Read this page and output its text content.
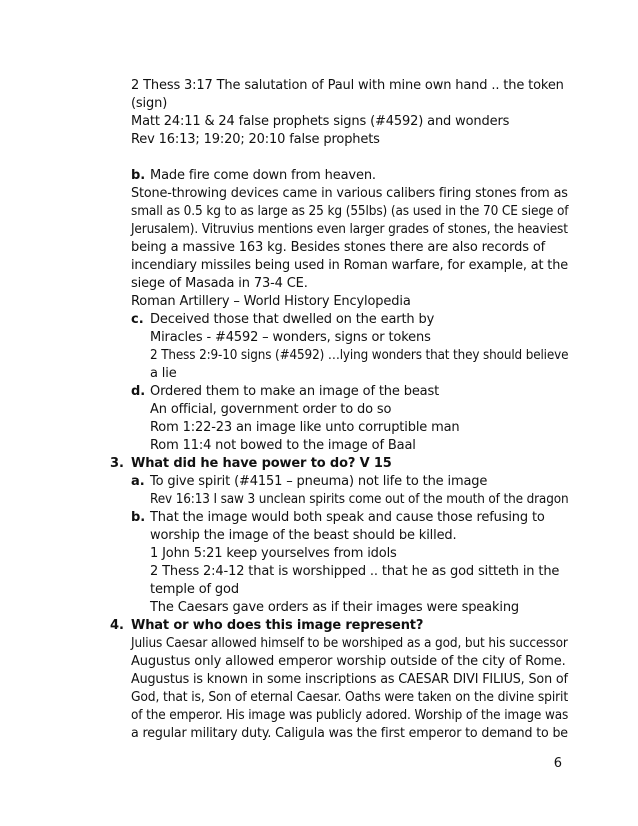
2 Thess 3:17 The salutation of Paul with mine own hand .. the token
(sign)
Matt 24:11 & 24 false prophets signs (#4592) and wonders
Rev 16:13; 19:20; 20:10 false prophets
b. Made fire come down from heaven.
Stone-throwing devices came in various calibers firing stones from as
small as 0.5 kg to as large as 25 kg (55lbs) (as used in the 70 CE siege of
Jerusalem). Vitruvius mentions even larger grades of stones, the heaviest
being a massive 163 kg. Besides stones there are also records of
incendiary missiles being used in Roman warfare, for example, at the
siege of Masada in 73-4 CE.
Roman Artillery – World History Encylopedia
c. Deceived those that dwelled on the earth by
Miracles - #4592 – wonders, signs or tokens
2 Thess 2:9-10 signs (#4592) …lying wonders that they should believe
a lie
d. Ordered them to make an image of the beast
An official, government order to do so
Rom 1:22-23 an image like unto corruptible man
Rom 11:4 not bowed to the image of Baal
3. What did he have power to do? V 15
a. To give spirit (#4151 – pneuma) not life to the image
Rev 16:13 I saw 3 unclean spirits come out of the mouth of the dragon
b. That the image would both speak and cause those refusing to
worship the image of the beast should be killed.
1 John 5:21 keep yourselves from idols
2 Thess 2:4-12 that is worshipped .. that he as god sitteth in the
temple of god
The Caesars gave orders as if their images were speaking
4. What or who does this image represent?
Julius Caesar allowed himself to be worshiped as a god, but his successor
Augustus only allowed emperor worship outside of the city of Rome.
Augustus is known in some inscriptions as CAESAR DIVI FILIUS, Son of
God, that is, Son of eternal Caesar. Oaths were taken on the divine spirit
of the emperor. His image was publicly adored. Worship of the image was
a regular military duty. Caligula was the first emperor to demand to be
6
